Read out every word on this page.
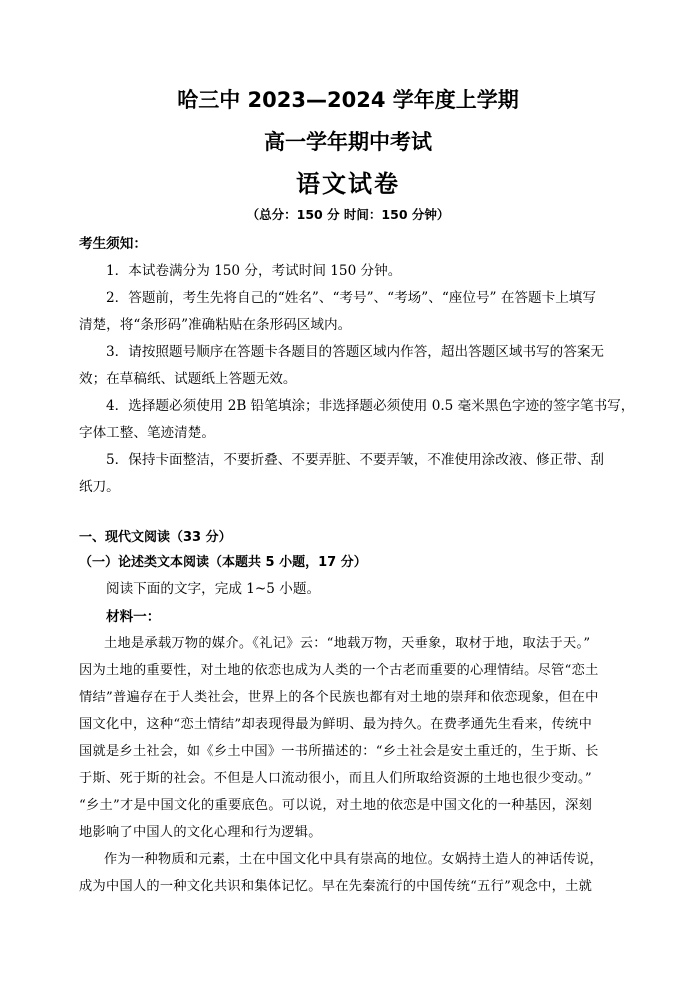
哈三中 2023—2024 学年度上学期
高一学年期中考试
语文试卷
（总分：150 分 时间：150 分钟）
考生须知：
1．本试卷满分为 150 分，考试时间 150 分钟。
2．答题前，考生先将自己的“姓名”、“考号”、“考场”、“座位号” 在答题卡上填写
清楚，将“条形码”准确粘贴在条形码区域内。
3．请按照题号顺序在答题卡各题目的答题区域内作答，超出答题区域书写的答案无
效；在草稿纸、试题纸上答题无效。
4．选择题必须使用 2B 铅笔填涂；非选择题必须使用 0.5 毫米黑色字迹的签字笔书写，
字体工整、笔迹清楚。
5．保持卡面整洁，不要折叠、不要弄脏、不要弄皱，不准使用涂改液、修正带、刮
纸刀。
一、现代文阅读（33 分）
（一）论述类文本阅读（本题共 5 小题，17 分）
阅读下面的文字，完成 1~5 小题。
材料一：
土地是承载万物的媒介。《礼记》云：“地载万物，天垂象，取材于地，取法于天。”
因为土地的重要性，对土地的依恋也成为人类的一个古老而重要的心理情结。尽管“恋土
情结”普遍存在于人类社会，世界上的各个民族也都有对土地的崇拜和依恋现象，但在中
国文化中，这种“恋土情结”却表现得最为鲜明、最为持久。在费孝通先生看来，传统中
国就是乡土社会，如《乡土中国》一书所描述的：“乡土社会是安土重迁的，生于斯、长
于斯、死于斯的社会。不但是人口流动很小，而且人们所取给资源的土地也很少变动。”
“乡土”才是中国文化的重要底色。可以说，对土地的依恋是中国文化的一种基因，深刻
地影响了中国人的文化心理和行为逻辑。
作为一种物质和元素，土在中国文化中具有崇高的地位。女娲持土造人的神话传说，
成为中国人的一种文化共识和集体记忆。早在先秦流行的中国传统“五行”观念中，土就
